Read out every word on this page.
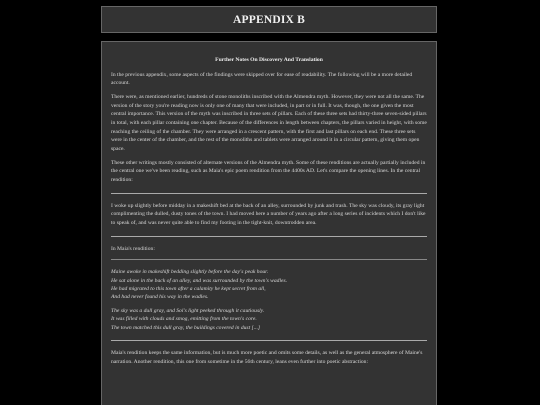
APPENDIX B
Further Notes On Discovery And Translation

In the previous appendix, some aspects of the findings were skipped over for ease of readability. The following will be a more detailed account.

There were, as mentioned earlier, hundreds of stone monoliths inscribed with the Almendra myth. However, they were not all the same. The version of the story you're reading now is only one of many that were included, in part or in full. It was, though, the one given the most central importance. This version of the myth was inscribed in three sets of pillars. Each of these three sets had thirty-three seven-sided pillars in total, with each pillar containing one chapter. Because of the differences in length between chapters, the pillars varied in height, with some reaching the ceiling of the chamber. They were arranged in a crescent pattern, with the first and last pillars on each end. These three sets were in the center of the chamber, and the rest of the monoliths and tablets were arranged around it in a circular pattern, giving them open space.

These other writings mostly consisted of alternate versions of the Almendra myth. Some of these renditions are actually partially included in the central one we've been reading, such as Maia's epic poem rendition from the 4400s AD. Let's compare the opening lines. In the central rendition:

I woke up slightly before midday in a makeshift bed at the back of an alley, surrounded by junk and trash. The sky was cloudy, its gray light complimenting the dulled, dusty tones of the town. I had moved here a number of years ago after a long series of incidents which I don't like to speak of, and was never quite able to find my footing in the tight-knit, downtrodden area.

In Maia's rendition:

Maine awoke in makeshift bedding slightly before the day's peak hour.
He sat alone in the back of an alley, and was surrounded by the town's wadles.
He had migrated to this town after a calamity he kept secret from all,
And had never found his way in the wadles.
The sky was a dull gray, and Sol's light peeked through it cautiously.
It was filled with clouds and smog, emitting from the town's core.
The town matched this dull gray, the buildings covered in dust [...]

Maia's rendition keeps the same information, but is much more poetic and omits some details, as well as the general atmosphere of Maine's narration. Another rendition, this one from sometime in the 56th century, leans even further into poetic abstraction:
